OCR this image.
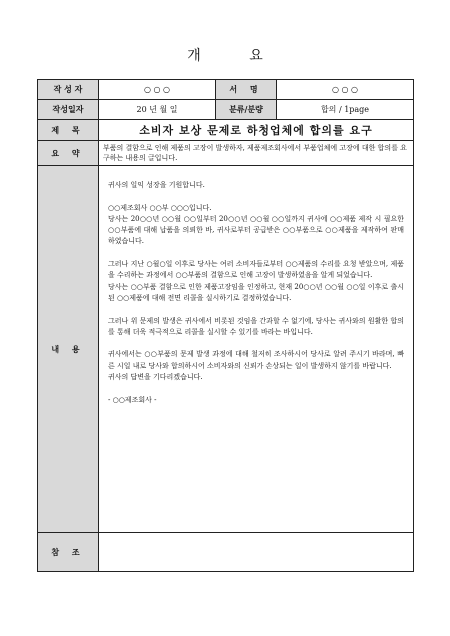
개 요
작 성 자	○ ○ ○	서 명	○ ○ ○
작성일자	20 년 월 일	분류/분량	합의 / 1page
제 목	소비자 보상 문제로 하청업체에 합의를 요구
요 약	부품의 결함으로 인해 제품의 고장이 발생하자, 제품제조회사에서 부품업체에 고장에 대한 합의를 요구하는 내용의 글입니다.
내 용

귀사의 일익 성장을 기원합니다.

○○제조회사 ○○부 ○○○입니다.

당사는 20○○년 ○○월 ○○일부터 20○○년 ○○월 ○○일까지 귀사에 ○○제품 제작 시 필요한 ○○부품에 대해 납품을 의뢰한 바, 귀사로부터 공급받은 ○○부품으로 ○○제품을 제작하여 판매하였습니다.

그러나 지난 ○월○일 이후로 당사는 여러 소비자들로부터 ○○제품의 수리를 요청 받았으며, 제품을 수리하는 과정에서 ○○부품의 결함으로 인해 고장이 발생하였음을 알게 되었습니다.

당사는 ○○부품 결함으로 인한 제품고장임을 인정하고, 현재 20○○년 ○○월 ○○일 이후로 출시된 ○○제품에 대해 전면 리콜을 실시하기로 결정하였습니다.

그러나 위 문제의 발생은 귀사에서 비롯된 것임을 간과할 수 없기에, 당사는 귀사와의 원활한 합의를 통해 더욱 적극적으로 리콜을 실시할 수 있기를 바라는 바입니다.

귀사에서는 ○○부품의 문제 발생 과정에 대해 철저히 조사하시어 당사로 알려 주시기 바라며, 빠른 시일 내로 당사와 합의하시어 소비자와의 신뢰가 손상되는 일이 발생하지 않기를 바랍니다.

귀사의 답변을 기다리겠습니다.

- ○○제조회사 -

참 조
